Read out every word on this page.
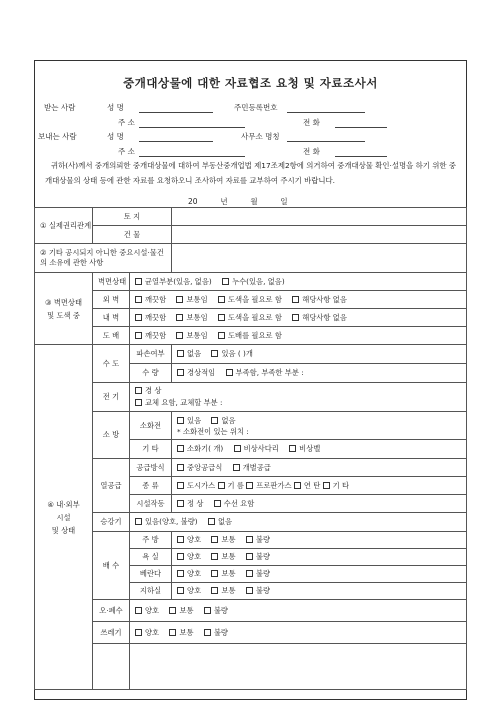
중개대상물에 대한 자료협조 요청 및 자료조사서
받는 사람	성 명	주민등록번호
주 소	전 화
보내는 사람	성 명	사무소 명칭
주 소	전 화
귀하(사)께서 중개의뢰한 중개대상물에 대하여 부동산중개업법 제17조제2항에 의거하여 중개대상물 확인·설명을 하기 위한 중개대상물의 상태 등에 관한 자료를 요청하오니 조사하여 자료를 교부하여 주시기 바랍니다.
20	년	월	일
① 실제권리관계	토 지		
	건 물		
② 기타 공시되지 아니한 중요시설·물건의 소유에 관한 사항			
③ 벽면상태
및 도색 중	벽면상태	균열부분(있음, 없음) 누수(있음, 없음)	
	외 벽	깨끗함 보통임 도색을 필요로 함 해당사항 없음	
	내 벽	깨끗함 보통임 도색을 필요로 함 해당사항 없음	
	도 배	깨끗함 보통임 도배를 필요로 함	
④ 내·외부
시설
및 상태	수 도	파손여부	없음 있음 ( )개
		수 량	경상적임 부족함, 부족한 부분 :
	전 기	경 상
교체 요함, 교체할 부분 :	
	소 방	소화전	있음 없음
* 소화전이 있는 위치 :
		기 타	소화기( 개) 비상사다리 비상벨
	열공급	공급방식	중앙공급식 개별공급
		종 류	도시가스 기 름 프로판가스 연 탄 기 타
		시설작동	정 상 수선 요함
	승강기	있음(양호, 불량) 없음	
	배 수	주 방	양호 보통 불량
		욕 실	양호 보통 불량
		베란다	양호 보통 불량
		지하실	양호 보통 불량
	오·폐수	양호 보통 불량	
	쓰레기	양호 보통 불량	
